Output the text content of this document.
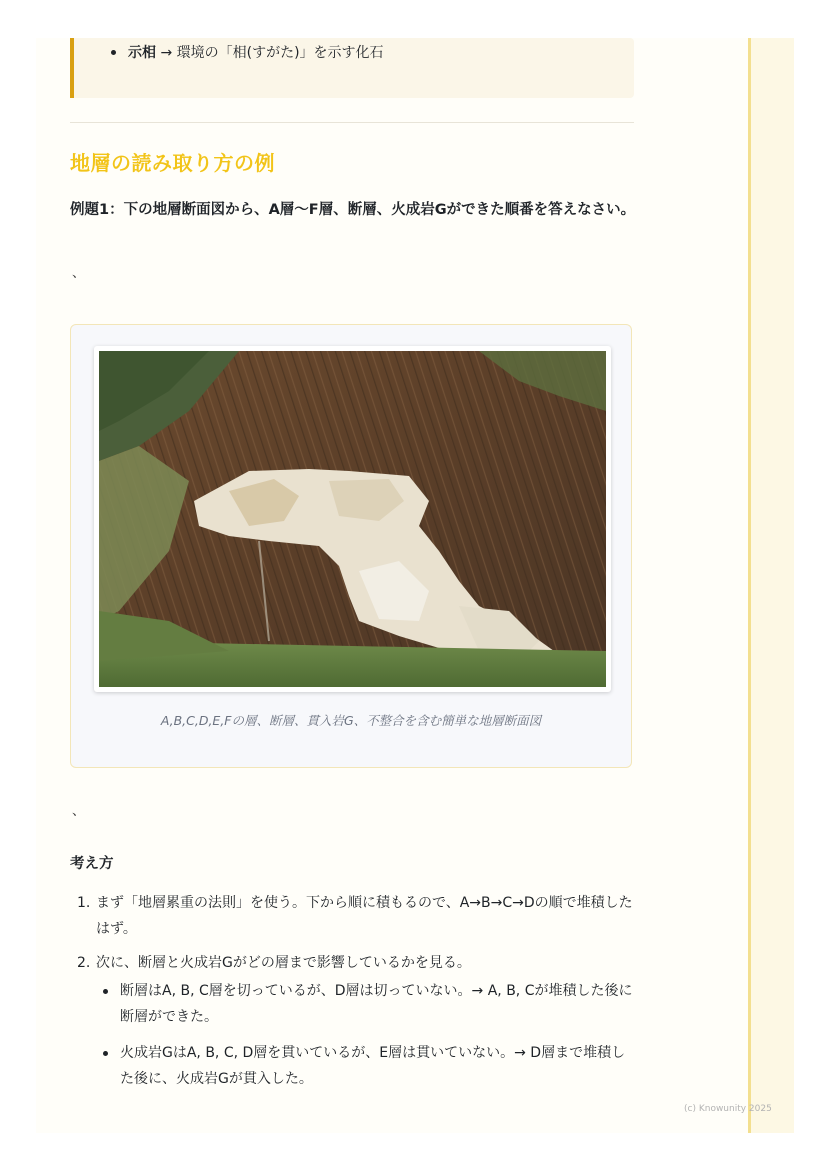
示相 → 環境の「相(すがた)」を示す化石
地層の読み取り方の例
例題1：下の地層断面図から、A層〜F層、断層、火成岩Gができた順番を答えなさい。
、
A,B,C,D,E,Fの層、断層、貫入岩G、不整合を含む簡単な地層断面図
、
考え方
1. まず「地層累重の法則」を使う。下から順に積もるので、A→B→C→Dの順で堆積したはず。
2. 次に、断層と火成岩Gがどの層まで影響しているかを見る。
断層はA, B, C層を切っているが、D層は切っていない。→ A, B, Cが堆積した後に断層ができた。
火成岩GはA, B, C, D層を貫いているが、E層は貫いていない。→ D層まで堆積した後に、火成岩Gが貫入した。
(c) Knowunity 2025
